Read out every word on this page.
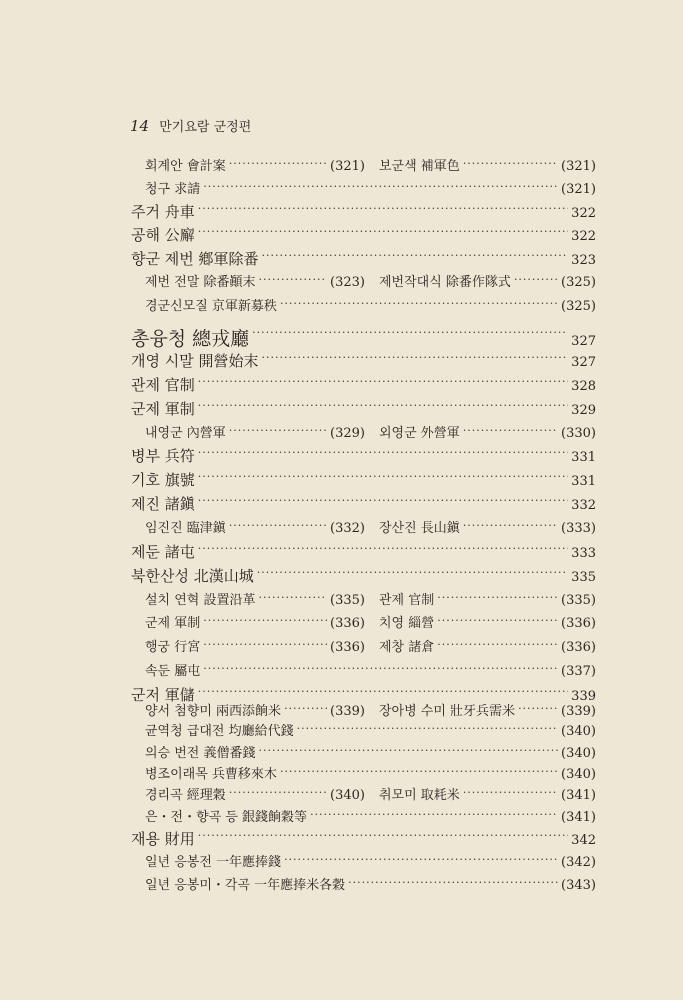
14 만기요람 군정편
회계안 會計案 ·····	(321) 보군색 補軍色 ·····	(321)
청구 求請 ·····	(321)
주거 舟車 ·····	322
공해 公廨 ·····	322
향군 제번 鄕軍除番 ·····	323
제번 전말 除番顚末 ·····	(323) 제번작대식 除番作隊式 ·····	(325)
경군신모질 京軍新募秩 ·····	(325)
총융청 總戎廳 ·····	327
개영 시말 開營始末 ·····	327
관제 官制 ·····	328
군제 軍制 ·····	329
내영군 內營軍 ·····	(329) 외영군 外營軍 ·····	(330)
병부 兵符 ·····	331
기호 旗號 ·····	331
제진 諸鎭 ·····	332
임진진 臨津鎭 ·····	(332) 장산진 長山鎭 ·····	(333)
제둔 諸屯 ·····	333
북한산성 北漢山城 ·····	335
설치 연혁 設置沿革 ·····	(335) 관제 官制 ·····	(335)
군제 軍制 ·····	(336) 치영 緇營 ·····	(336)
행궁 行宮 ·····	(336) 제창 諸倉 ·····	(336)
속둔 屬屯 ·····	(337)
군저 軍儲 ·····	339
양서 첨향미 兩西添餉米 ·····	(339) 장아병 수미 壯牙兵需米 ·····	(339)
균역청 급대전 均廳給代錢 ·····	(340)
의승 번전 義僧番錢 ·····	(340)
병조이래목 兵曹移來木 ·····	(340)
경리곡 經理穀 ·····	(340) 취모미 取耗米 ·····	(341)
은・전・향곡 등 銀錢餉穀等 ·····	(341)
재용 財用 ·····	342
일년 응봉전 一年應捧錢 ·····	(342)
일년 응봉미・각곡 一年應捧米各穀 ·····	(343)
